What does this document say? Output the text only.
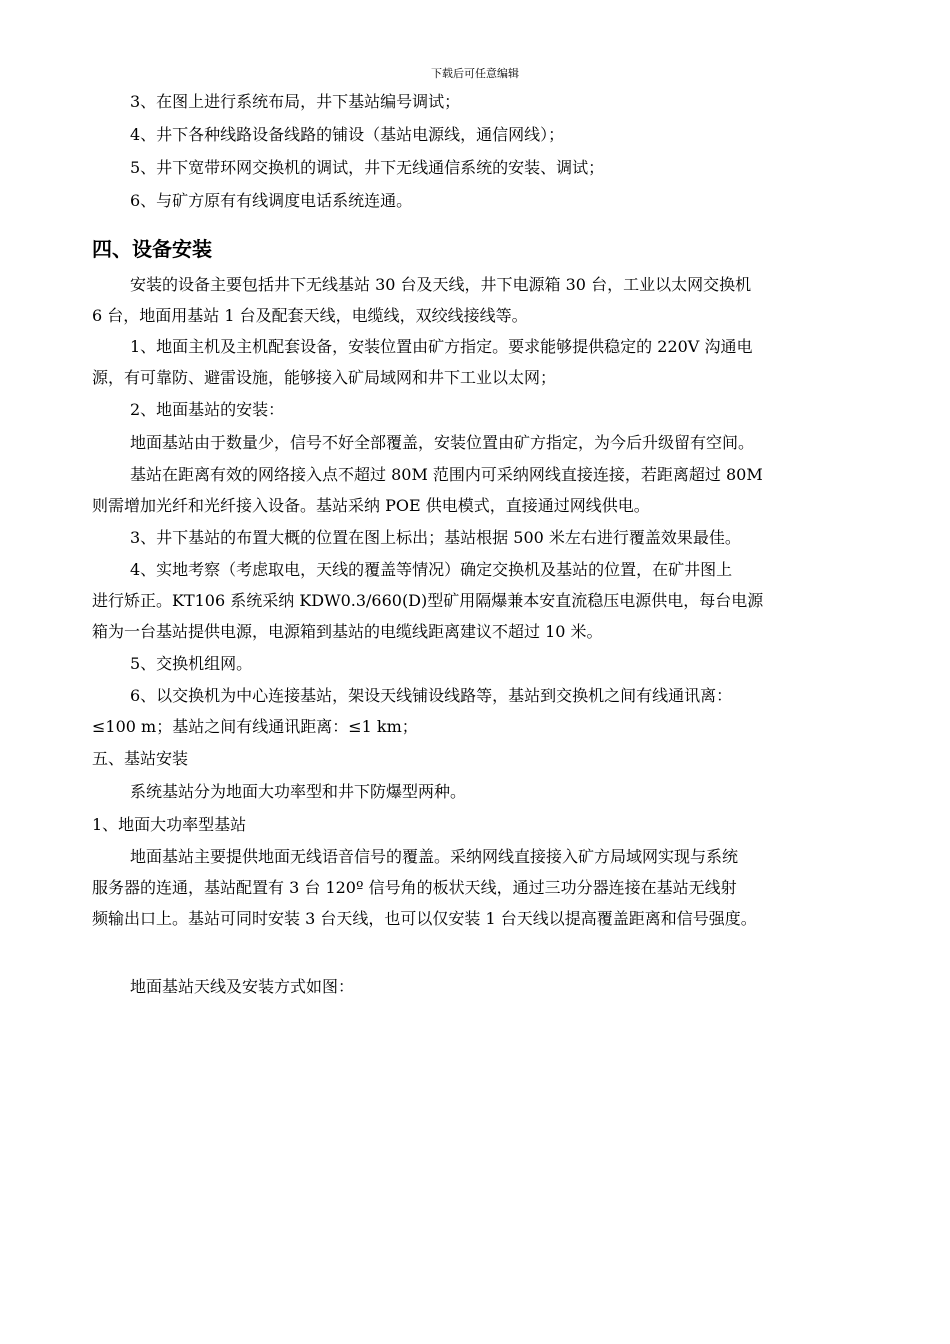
下载后可任意编辑

3、在图上进行系统布局，井下基站编号调试；

4、井下各种线路设备线路的铺设（基站电源线，通信网线）；

5、井下宽带环网交换机的调试，井下无线通信系统的安装、调试；

6、与矿方原有有线调度电话系统连通。

四、设备安装
安装的设备主要包括井下无线基站 30 台及天线，井下电源箱 30 台，工业以太网交换机
6 台，地面用基站 1 台及配套天线，电缆线，双绞线接线等。
1、地面主机及主机配套设备，安装位置由矿方指定。要求能够提供稳定的 220V 沟通电
源，有可靠防、避雷设施，能够接入矿局域网和井下工业以太网；

2、地面基站的安装：

地面基站由于数量少，信号不好全部覆盖，安装位置由矿方指定，为今后升级留有空间。

基站在距离有效的网络接入点不超过 80M 范围内可采纳网线直接连接，若距离超过 80M
则需增加光纤和光纤接入设备。基站采纳 POE 供电模式，直接通过网线供电。

3、井下基站的布置大概的位置在图上标出；基站根据 500 米左右进行覆盖效果最佳。

4、实地考察（考虑取电，天线的覆盖等情况）确定交换机及基站的位置，在矿井图上
进行矫正。KT106 系统采纳 KDW0.3/660(D)型矿用隔爆兼本安直流稳压电源供电，每台电源
箱为一台基站提供电源，电源箱到基站的电缆线距离建议不超过 10 米。

5、交换机组网。

6、以交换机为中心连接基站，架设天线铺设线路等，基站到交换机之间有线通讯离：
≤100 m；基站之间有线通讯距离：≤1 km；

五、基站安装

系统基站分为地面大功率型和井下防爆型两种。

1、地面大功率型基站

地面基站主要提供地面无线语音信号的覆盖。采纳网线直接接入矿方局域网实现与系统
服务器的连通，基站配置有 3 台 120º 信号角的板状天线，通过三功分器连接在基站无线射
频输出口上。基站可同时安装 3 台天线，也可以仅安装 1 台天线以提高覆盖距离和信号强度。

地面基站天线及安装方式如图：
